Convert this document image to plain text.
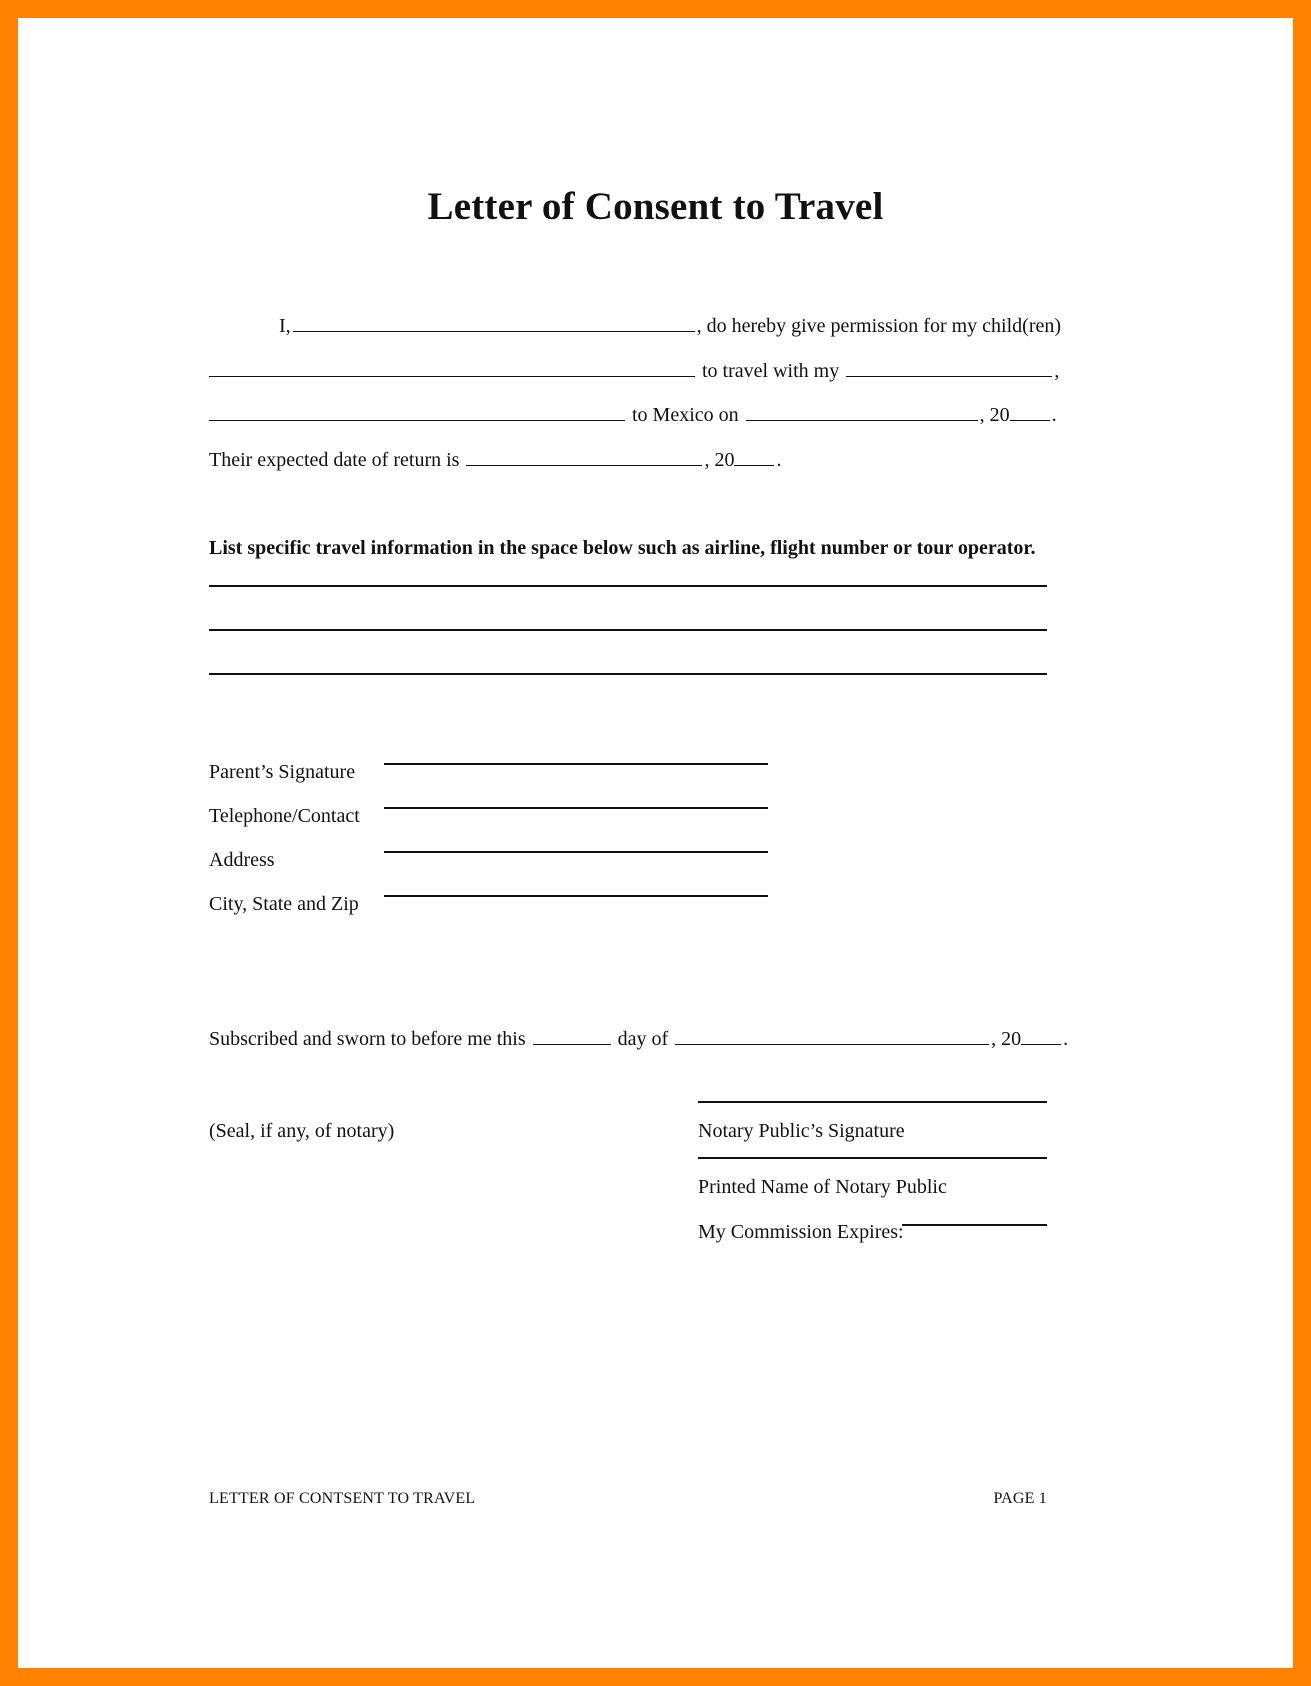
Letter of Consent to Travel
I,	, do hereby give permission for my child(ren)
to travel with my	,
to Mexico on	, 20 .
Their expected date of return is	, 20 .
List specific travel information in the space below such as airline, flight number or tour operator.
Parent’s Signature
Telephone/Contact
Address
City, State and Zip
Subscribed and sworn to before me this	day of	, 20 .
(Seal, if any, of notary)	Notary Public’s Signature
Printed Name of Notary Public
My Commission Expires:
LETTER OF CONTSENT TO TRAVEL	PAGE 1
